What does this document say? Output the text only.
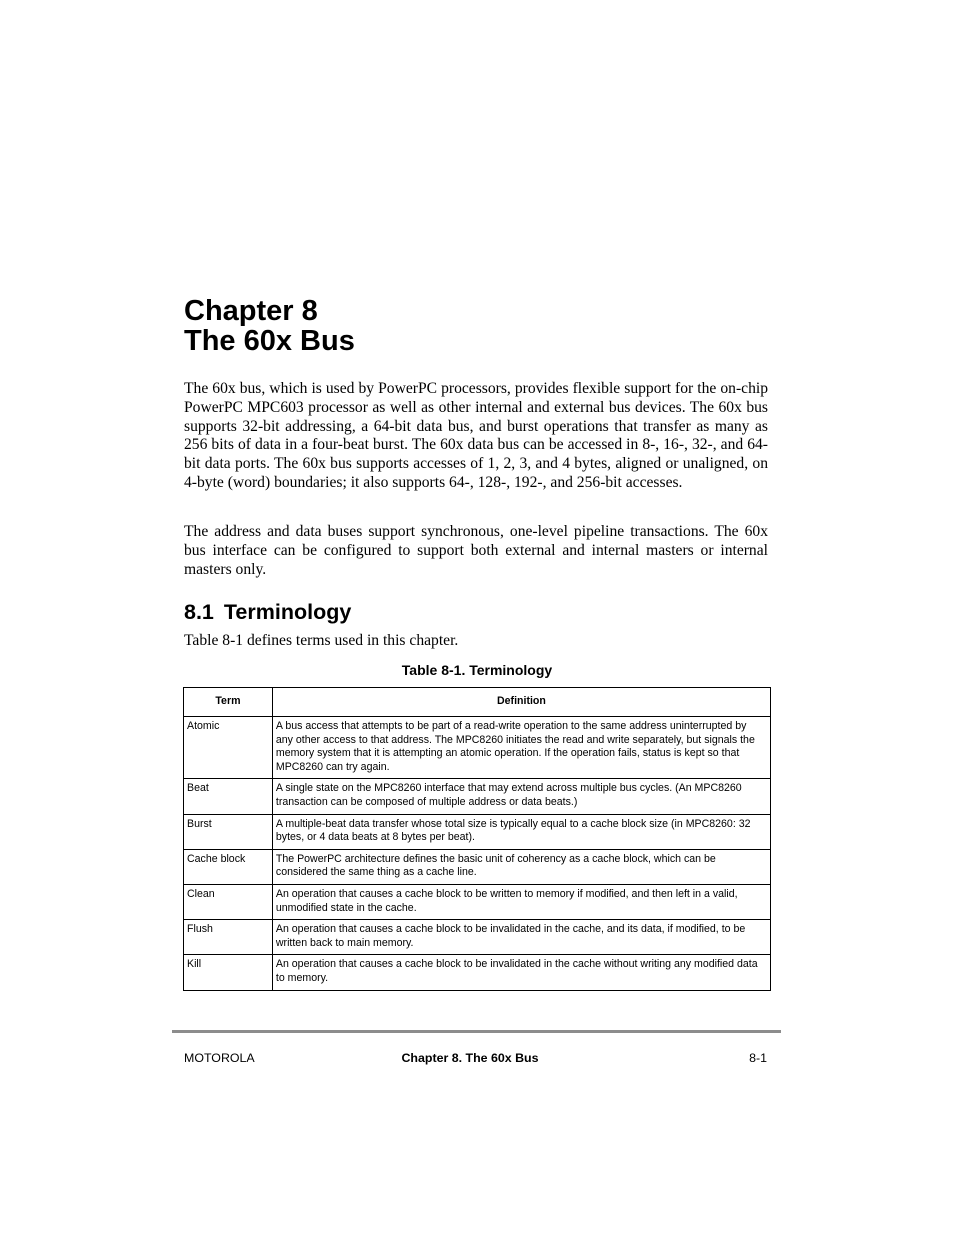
Chapter 8
The 60x Bus

The 60x bus, which is used by PowerPC processors, provides flexible support for the on-chip PowerPC MPC603 processor as well as other internal and external bus devices. The 60x bus supports 32-bit addressing, a 64-bit data bus, and burst operations that transfer as many as 256 bits of data in a four-beat burst. The 60x data bus can be accessed in 8-, 16-, 32-, and 64-bit data ports. The 60x bus supports accesses of 1, 2, 3, and 4 bytes, aligned or unaligned, on 4-byte (word) boundaries; it also supports 64-, 128-, 192-, and 256-bit accesses.

The address and data buses support synchronous, one-level pipeline transactions. The 60x bus interface can be configured to support both external and internal masters or internal masters only.

8.1 Terminology

Table 8-1 defines terms used in this chapter.

Table 8-1. Terminology

Term	Definition
Atomic	A bus access that attempts to be part of a read-write operation to the same address uninterrupted by any other access to that address. The MPC8260 initiates the read and write separately, but signals the memory system that it is attempting an atomic operation. If the operation fails, status is kept so that MPC8260 can try again.
Beat	A single state on the MPC8260 interface that may extend across multiple bus cycles. (An MPC8260 transaction can be composed of multiple address or data beats.)
Burst	A multiple-beat data transfer whose total size is typically equal to a cache block size (in MPC8260: 32 bytes, or 4 data beats at 8 bytes per beat).
Cache block	The PowerPC architecture defines the basic unit of coherency as a cache block, which can be considered the same thing as a cache line.
Clean	An operation that causes a cache block to be written to memory if modified, and then left in a valid, unmodified state in the cache.
Flush	An operation that causes a cache block to be invalidated in the cache, and its data, if modified, to be written back to main memory.
Kill	An operation that causes a cache block to be invalidated in the cache without writing any modified data to memory.

MOTOROLA	Chapter 8. The 60x Bus	8-1
